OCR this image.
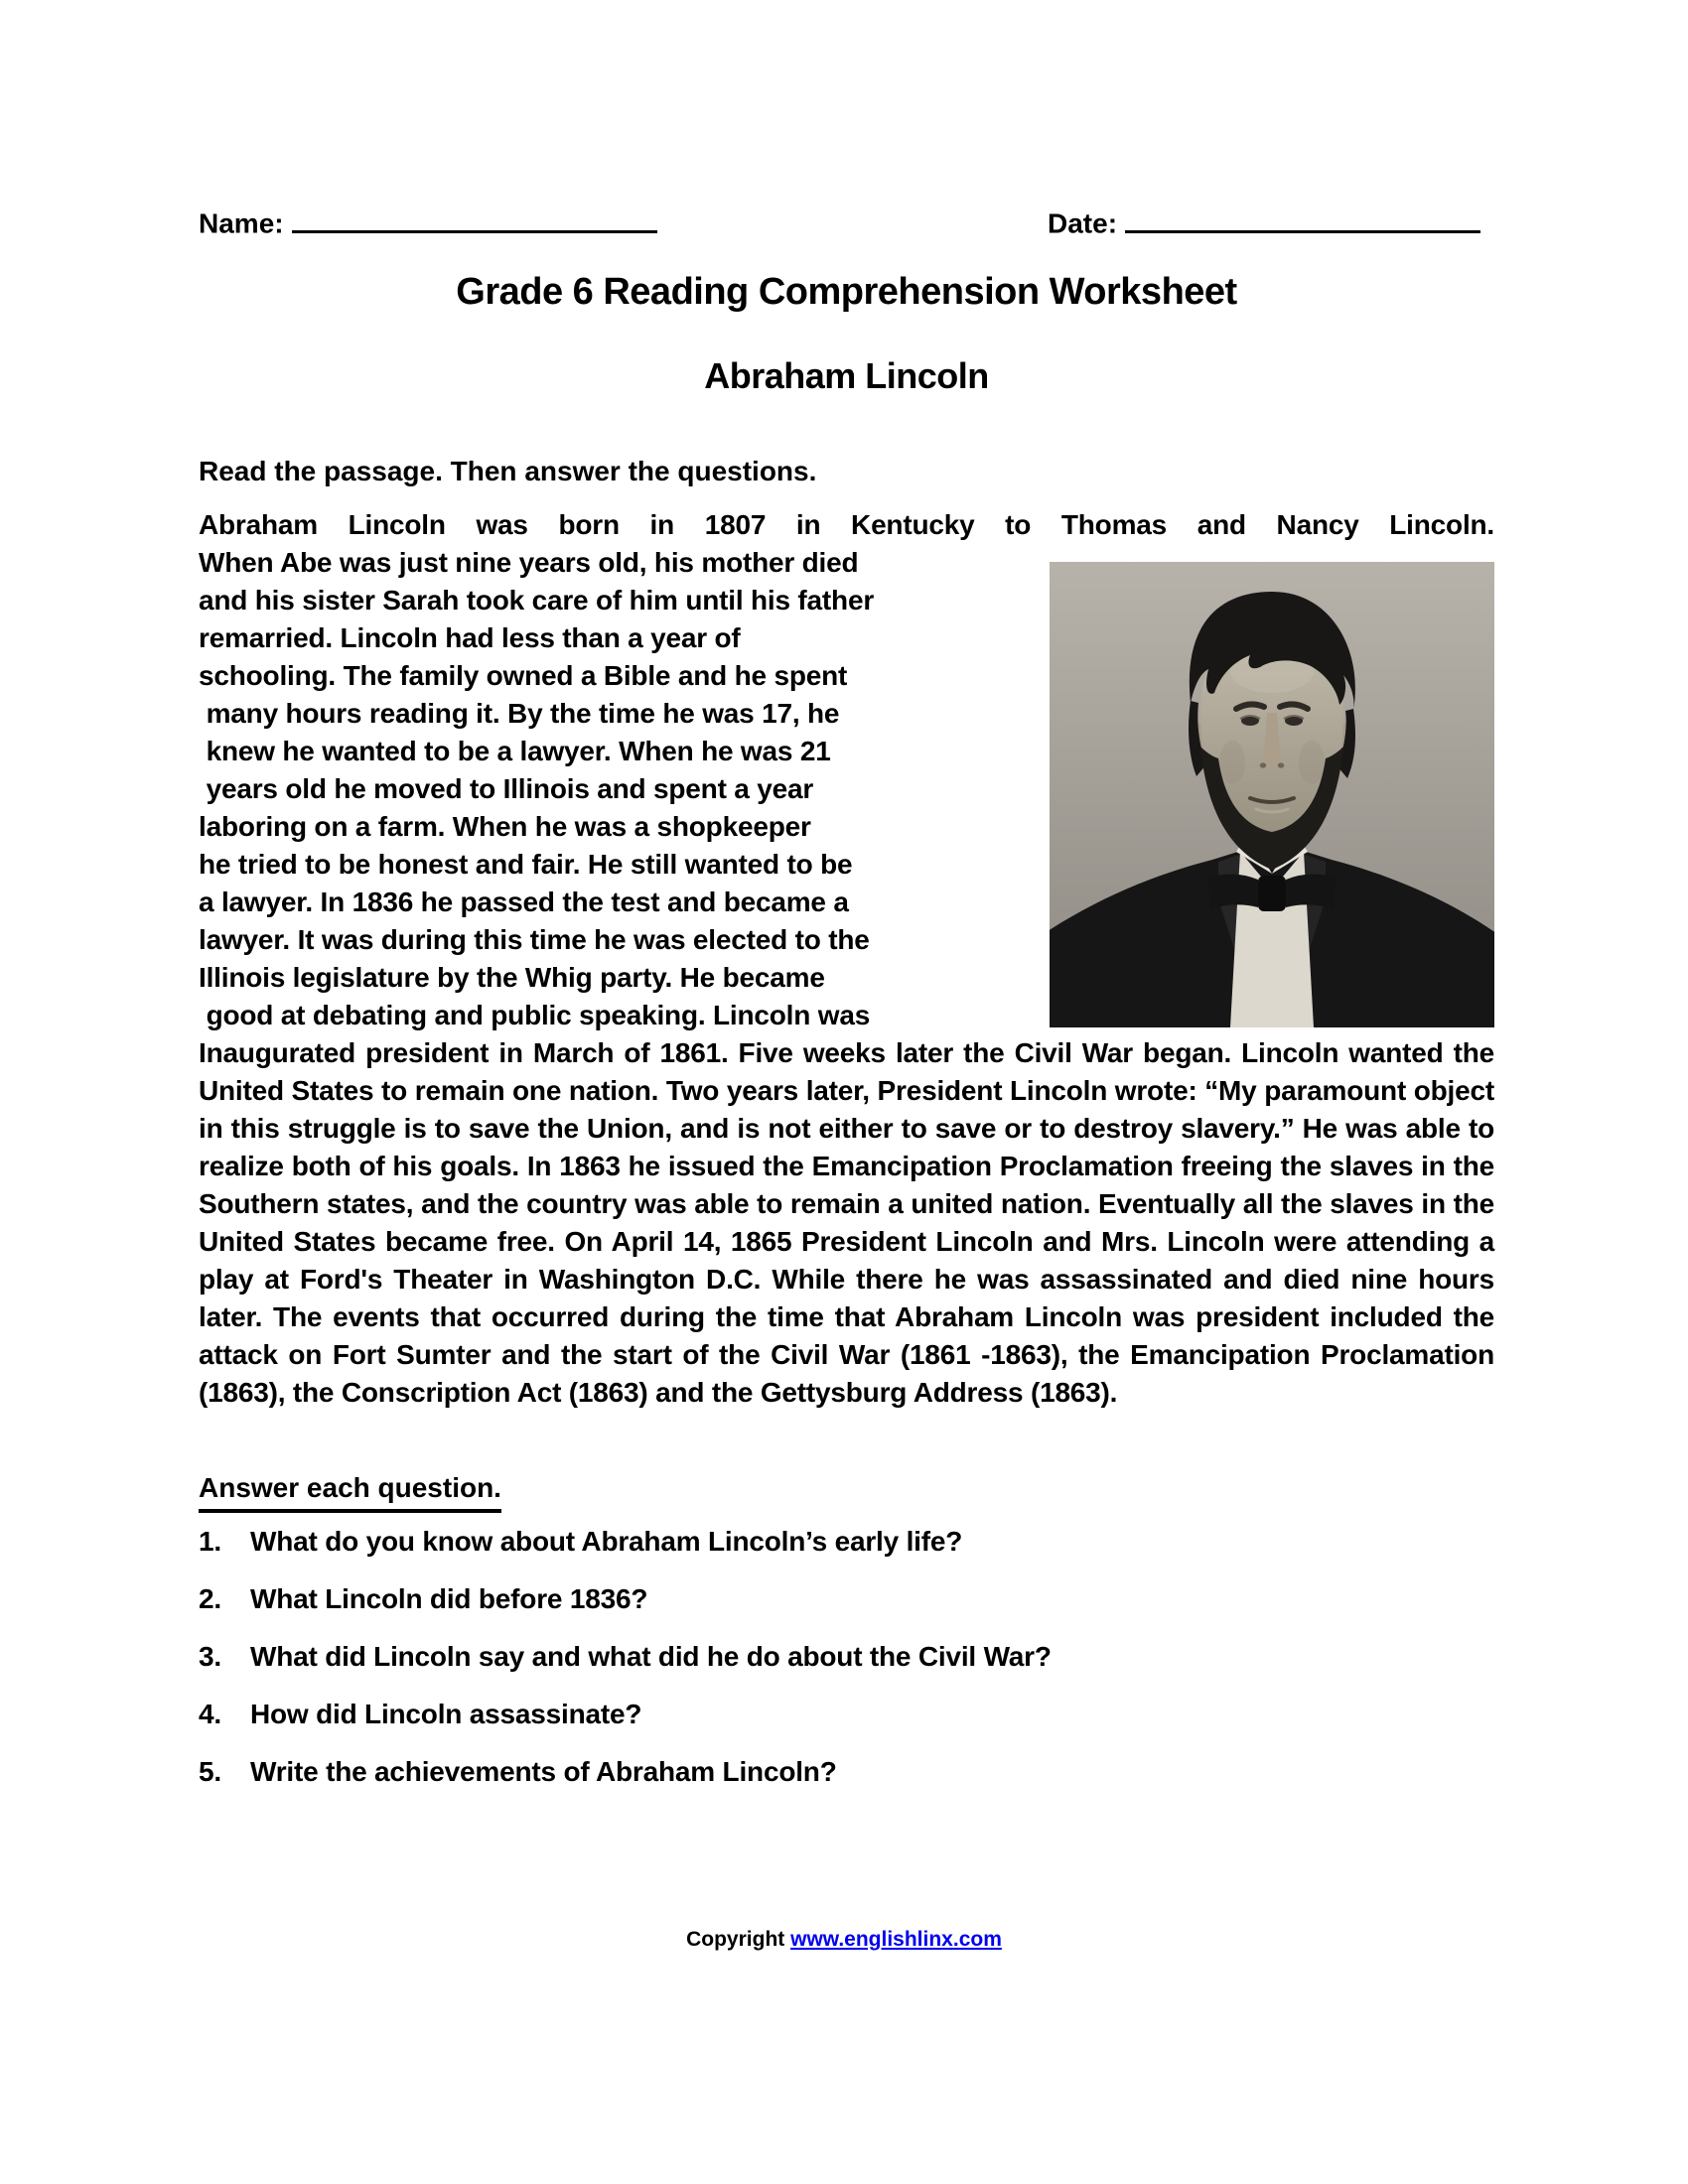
Name:	Date:
Grade 6 Reading Comprehension Worksheet
Abraham Lincoln
Read the passage. Then answer the questions.
Abraham Lincoln was born in 1807 in Kentucky to Thomas and Nancy Lincoln.
When Abe was just nine years old, his mother died
and his sister Sarah took care of him until his father
remarried. Lincoln had less than a year of
schooling. The family owned a Bible and he spent
many hours reading it. By the time he was 17, he
knew he wanted to be a lawyer. When he was 21
years old he moved to Illinois and spent a year
laboring on a farm. When he was a shopkeeper
he tried to be honest and fair. He still wanted to be
a lawyer. In 1836 he passed the test and became a
lawyer. It was during this time he was elected to the
Illinois legislature by the Whig party. He became
good at debating and public speaking. Lincoln was
Inaugurated president in March of 1861. Five weeks later the Civil War began. Lincoln wanted the United States to remain one nation. Two years later, President Lincoln wrote: “My paramount object in this struggle is to save the Union, and is not either to save or to destroy slavery.” He was able to realize both of his goals. In 1863 he issued the Emancipation Proclamation freeing the slaves in the Southern states, and the country was able to remain a united nation. Eventually all the slaves in the United States became free. On April 14, 1865 President Lincoln and Mrs. Lincoln were attending a play at Ford's Theater in Washington D.C. While there he was assassinated and died nine hours later. The events that occurred during the time that Abraham Lincoln was president included the attack on Fort Sumter and the start of the Civil War (1861 -1863), the Emancipation Proclamation (1863), the Conscription Act (1863) and the Gettysburg Address (1863).
Answer each question.
1.	What do you know about Abraham Lincoln’s early life?
2.	What Lincoln did before 1836?
3.	What did Lincoln say and what did he do about the Civil War?
4.	How did Lincoln assassinate?
5.	Write the achievements of Abraham Lincoln?
Copyright www.englishlinx.com
